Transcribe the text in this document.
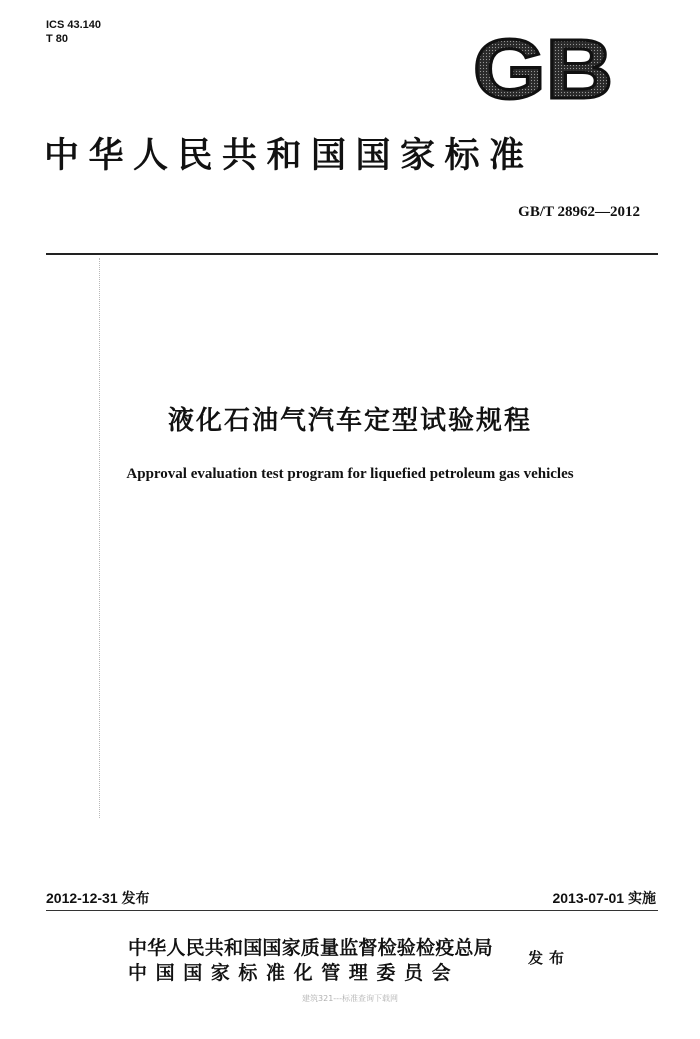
ICS 43.140
T 80	GB
中华人民共和国国家标准
GB/T 28962—2012
液化石油气汽车定型试验规程
Approval evaluation test program for liquefied petroleum gas vehicles
2012-12-31 发布	2013-07-01 实施
中华人民共和国国家质量监督检验检疫总局
中国国家标准化管理委员会
发布
建筑321---标准查询下载网
